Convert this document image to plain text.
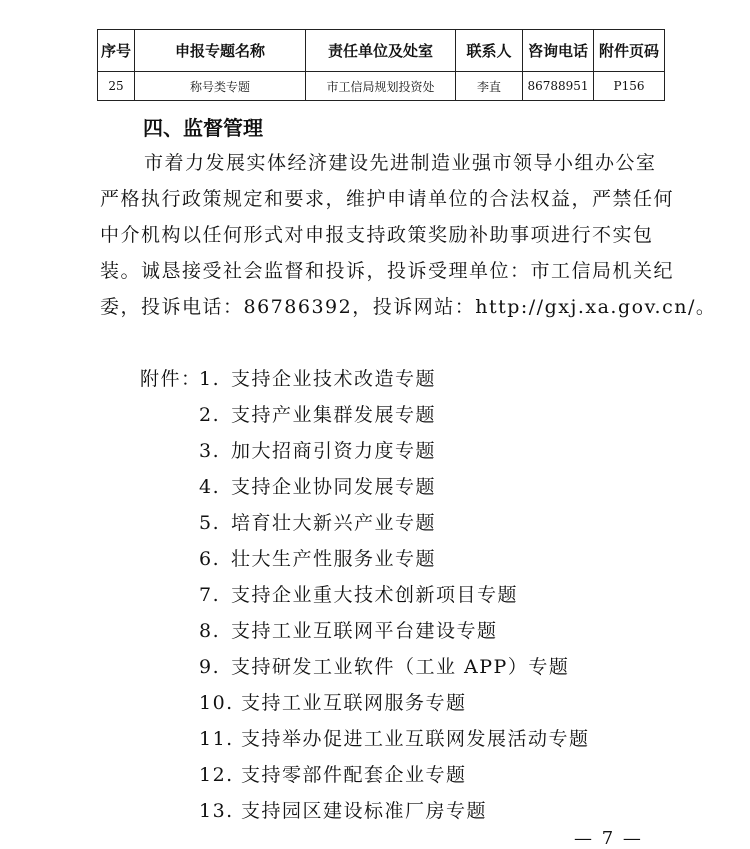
序号	申报专题名称	责任单位及处室	联系人	咨询电话	附件页码
25	称号类专题	市工信局规划投资处	李直	86788951	P156
四、监督管理
市着力发展实体经济建设先进制造业强市领导小组办公室
严格执行政策规定和要求，维护申请单位的合法权益，严禁任何
中介机构以任何形式对申报支持政策奖励补助事项进行不实包
装。诚恳接受社会监督和投诉，投诉受理单位：市工信局机关纪
委，投诉电话：86786392，投诉网站：http://gxj.xa.gov.cn/。
附件：
1. 支持企业技术改造专题
2. 支持产业集群发展专题
3. 加大招商引资力度专题
4. 支持企业协同发展专题
5. 培育壮大新兴产业专题
6. 壮大生产性服务业专题
7. 支持企业重大技术创新项目专题
8. 支持工业互联网平台建设专题
9. 支持研发工业软件（工业 APP）专题
10. 支持工业互联网服务专题
11. 支持举办促进工业互联网发展活动专题
12. 支持零部件配套企业专题
13. 支持园区建设标准厂房专题
— 7 —
